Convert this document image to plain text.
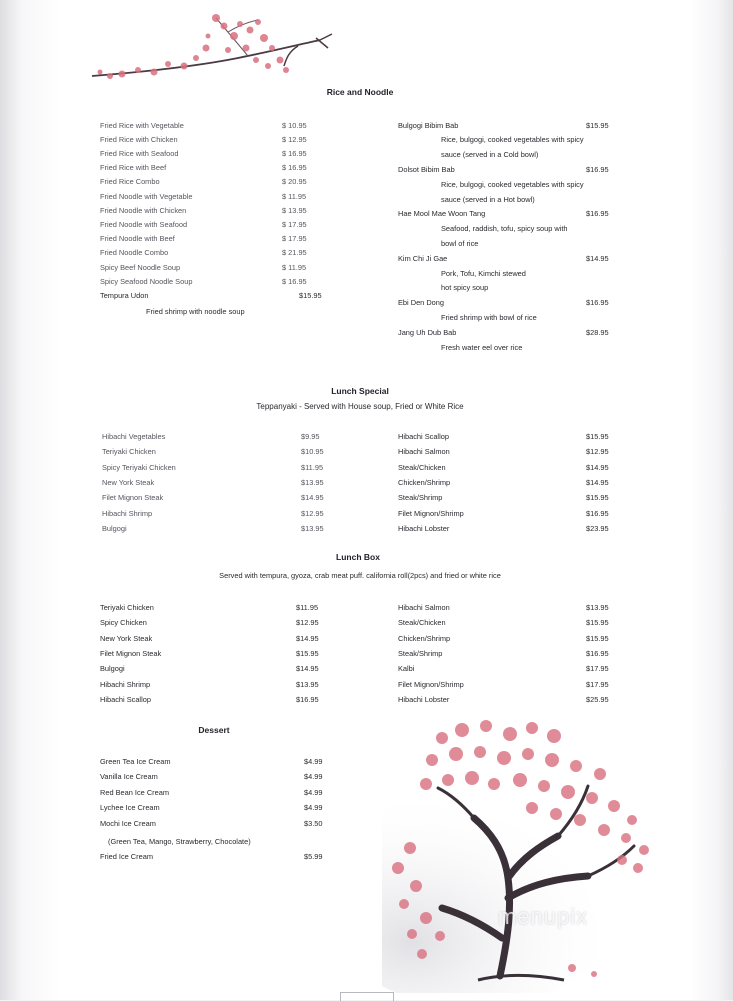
Rice and Noodle
Fried Rice with Vegetable	$ 10.95
Fried Rice with Chicken	$ 12.95
Fried Rice with Seafood	$ 16.95
Fried Rice with Beef	$ 16.95
Fried Rice Combo	$ 20.95
Fried Noodle with Vegetable	$ 11.95
Fried Noodle with Chicken	$ 13.95
Fried Noodle with Seafood	$ 17.95
Fried Noodle with Beef	$ 17.95
Fried Noodle Combo	$ 21.95
Spicy Beef Noodle Soup	$ 11.95
Spicy Seafood Noodle Soup	$ 16.95
Tempura Udon	$15.95
Fried shrimp with noodle soup
Bulgogi Bibim Bab	$15.95
Rice, bulgogi, cooked vegetables with spicy
sauce (served in a Cold bowl)
Dolsot Bibim Bab	$16.95
Rice, bulgogi, cooked vegetables with spicy
sauce (served in a Hot bowl)
Hae Mool Mae Woon Tang	$16.95
Seafood, raddish, tofu, spicy soup with
bowl of rice
Kim Chi Ji Gae	$14.95
Pork, Tofu, Kimchi stewed
hot spicy soup
Ebi Den Dong	$16.95
Fried shrimp with bowl of rice
Jang Uh Dub Bab	$28.95
Fresh water eel over rice
Lunch Special
Teppanyaki - Served with House soup, Fried or White Rice
Hibachi Vegetables	$9.95
Teriyaki Chicken	$10.95
Spicy Teriyaki Chicken	$11.95
New York Steak	$13.95
Filet Mignon Steak	$14.95
Hibachi Shrimp	$12.95
Bulgogi	$13.95
Hibachi Scallop	$15.95
Hibachi Salmon	$12.95
Steak/Chicken	$14.95
Chicken/Shrimp	$14.95
Steak/Shrimp	$15.95
Filet Mignon/Shrimp	$16.95
Hibachi Lobster	$23.95
Lunch Box
Served with tempura, gyoza, crab meat puff. california roll(2pcs) and fried or white rice
Teriyaki Chicken	$11.95
Spicy Chicken	$12.95
New York Steak	$14.95
Filet Mignon Steak	$15.95
Bulgogi	$14.95
Hibachi Shrimp	$13.95
Hibachi Scallop	$16.95
Hibachi Salmon	$13.95
Steak/Chicken	$15.95
Chicken/Shrimp	$15.95
Steak/Shrimp	$16.95
Kalbi	$17.95
Filet Mignon/Shrimp	$17.95
Hibachi Lobster	$25.95
Dessert
Green Tea Ice Cream	$4.99
Vanilla Ice Cream	$4.99
Red Bean Ice Cream	$4.99
Lychee Ice Cream	$4.99
Mochi Ice Cream	$3.50
(Green Tea, Mango, Strawberry, Chocolate)
Fried Ice Cream	$5.99
menupix
